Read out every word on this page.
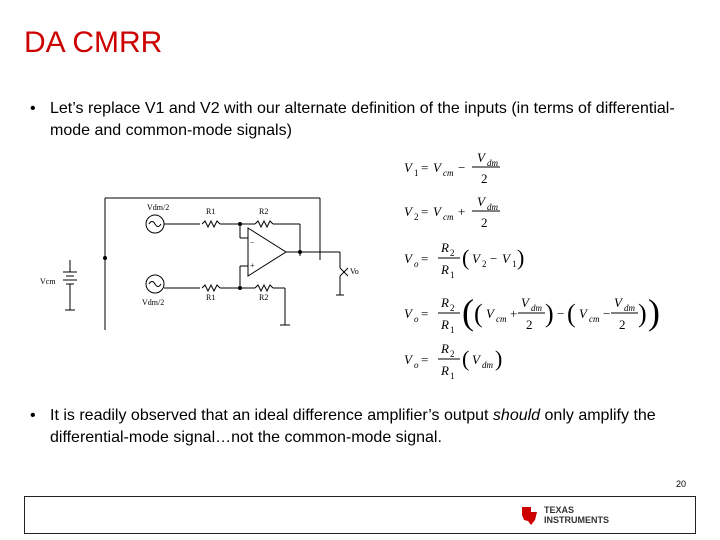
DA CMRR
• Let’s replace V1 and V2 with our alternate definition of the inputs (in terms of differential-mode and common-mode signals)
Vdm/2
Vdm/2
Vcm
R1	R2
R1	R2
Vo
−
+
V 1 = V cm −
V dm
2
V 2 = V cm +
V dm
2
V o =
R 2
R 1
( V 2 − V 1 )
V o =
R 2
R 1 ( ( V cm +
V dm
2 ) − ( V cm −
V dm
2 ) )
V o =
R 2
R 1
( V dm )
• It is readily observed that an ideal difference amplifier’s output should only amplify the differential-mode signal…not the common-mode signal.
20
TEXAS
INSTRUMENTS
